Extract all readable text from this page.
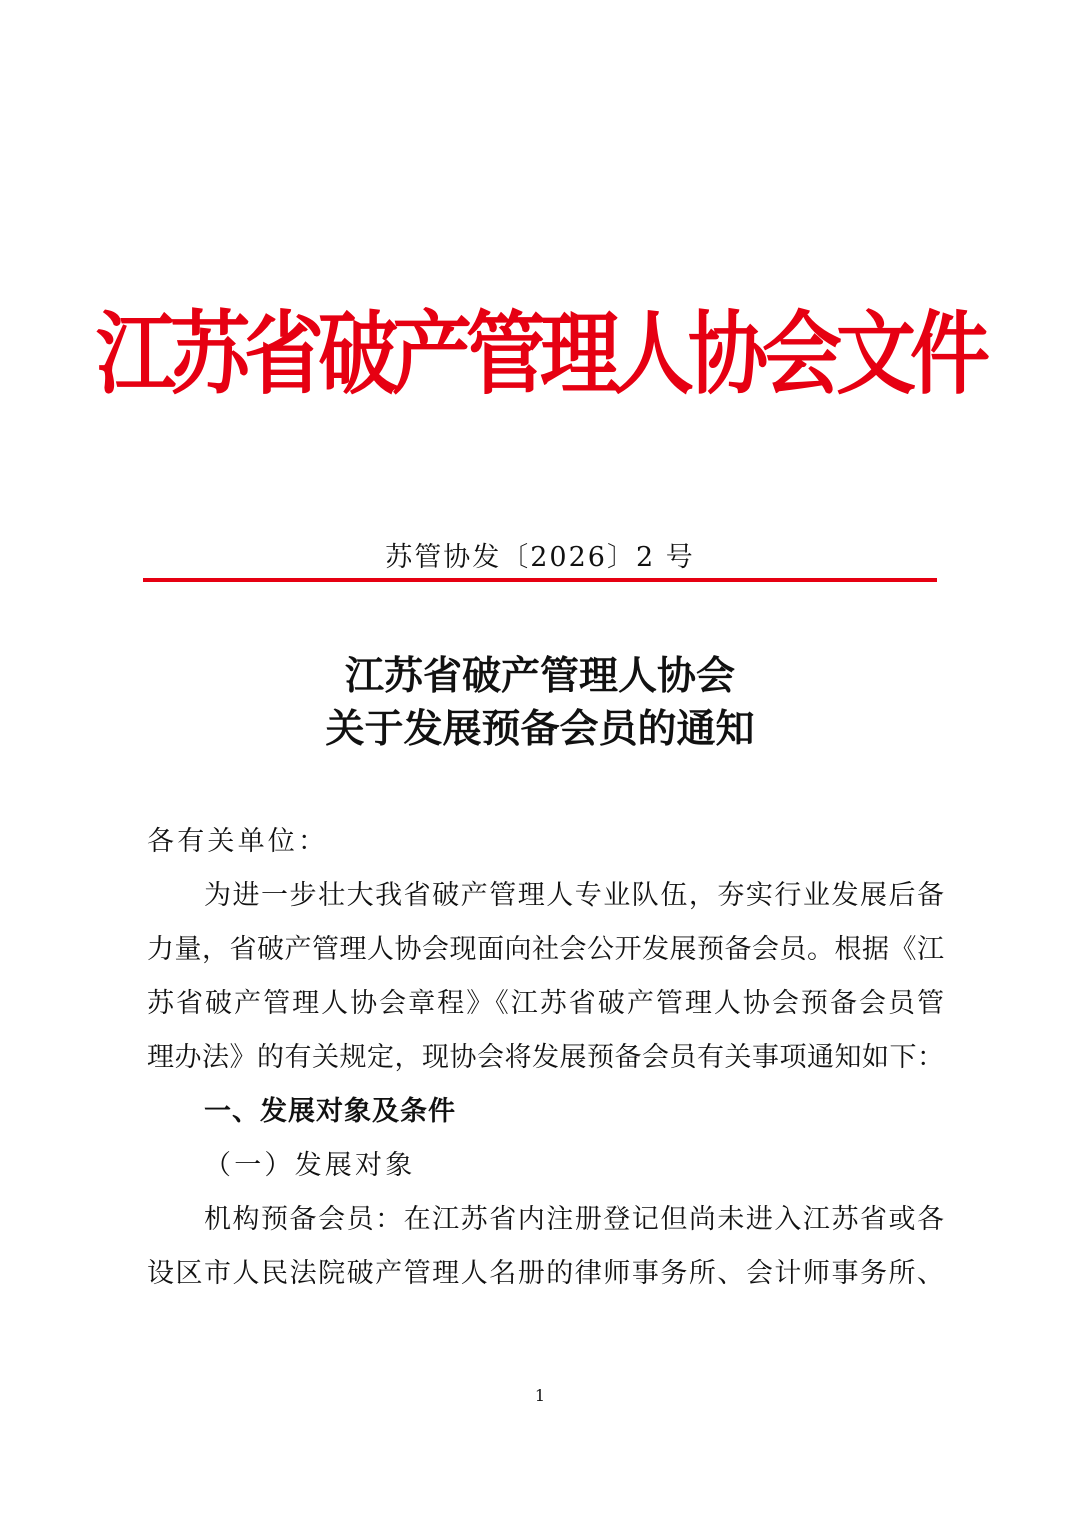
江苏省破产管理人协会文件
苏管协发〔2026〕2 号
江苏省破产管理人协会
关于发展预备会员的通知
各有关单位：
为进一步壮大我省破产管理人专业队伍，夯实行业发展后备
力量，省破产管理人协会现面向社会公开发展预备会员。根据《江
苏省破产管理人协会章程》《江苏省破产管理人协会预备会员管
理办法》的有关规定，现协会将发展预备会员有关事项通知如下：
一、发展对象及条件
（一）发展对象
机构预备会员：在江苏省内注册登记但尚未进入江苏省或各
设区市人民法院破产管理人名册的律师事务所、会计师事务所、
1
